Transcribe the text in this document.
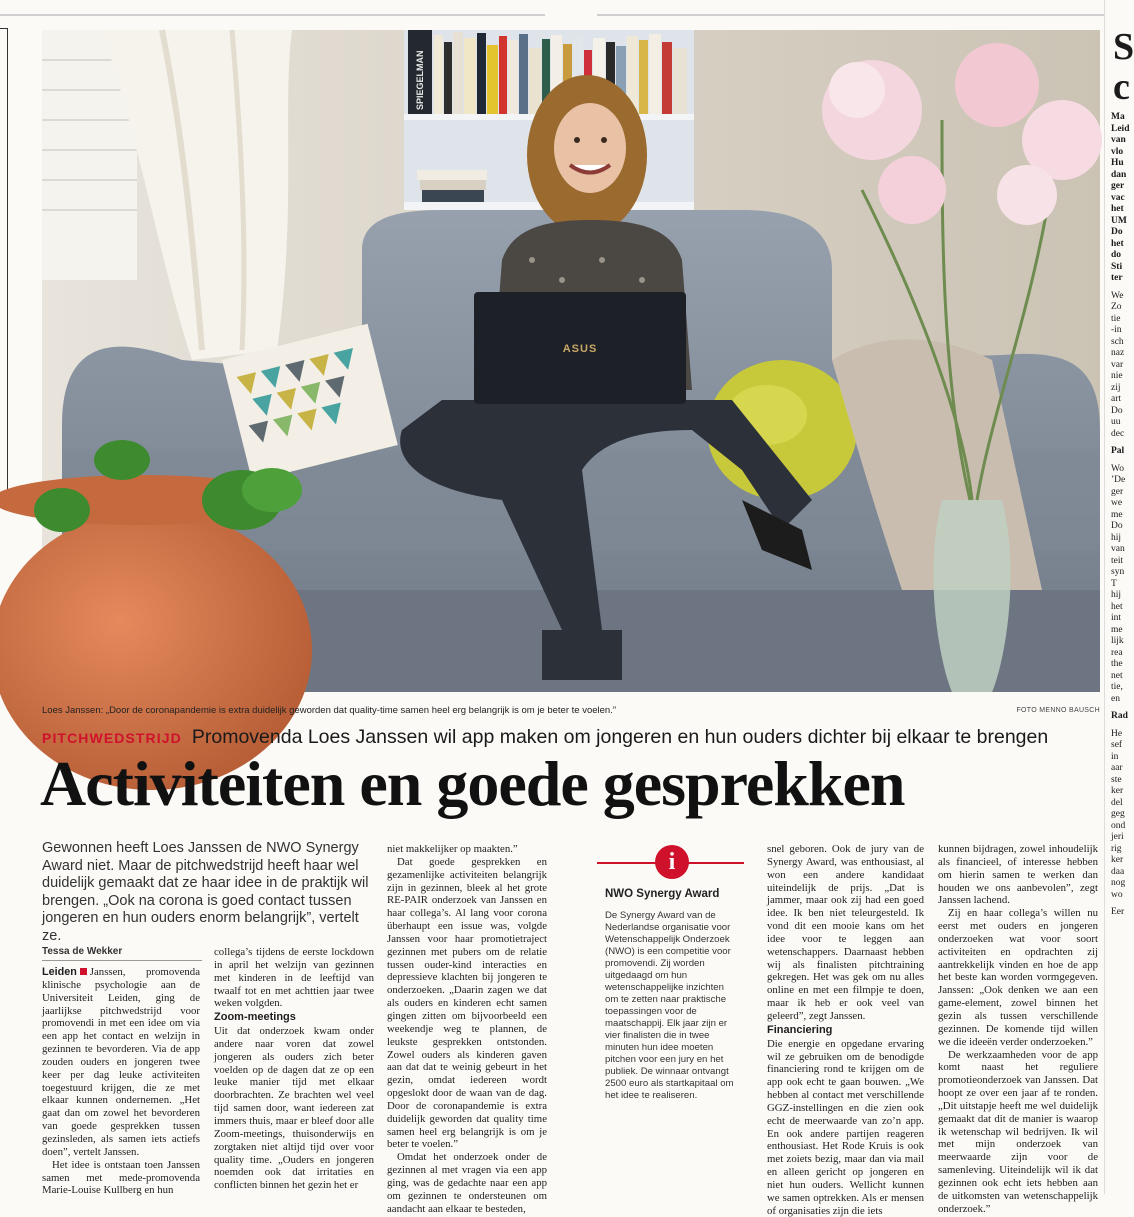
SPIEGELMAN
ASUS
Loes Janssen: „Door de coronapandemie is extra duidelijk geworden dat quality-time samen heel erg belangrijk is om je beter te voelen.”	FOTO MENNO BAUSCH
PITCHWEDSTRIJD Promovenda Loes Janssen wil app maken om jongeren en hun ouders dichter bij elkaar te brengen
Activiteiten en goede gesprekken
Gewonnen heeft Loes Janssen de NWO Synergy Award niet. Maar de pitchwedstrijd heeft haar wel duidelijk gemaakt dat ze haar idee in de praktijk wil brengen. „Ook na corona is goed contact tussen jongeren en hun ouders enorm belangrijk”, vertelt ze.
Tessa de Wekker

Leiden Janssen, promovenda klinische psychologie aan de Universiteit Leiden, ging de jaarlijkse pitchwedstrijd voor promovendi in met een idee om via een app het contact en welzijn in gezinnen te bevorderen. Via de app zouden ouders en jongeren twee keer per dag leuke activiteiten toegestuurd krijgen, die ze met elkaar kunnen ondernemen. „Het gaat dan om zowel het bevorderen van goede gesprekken tussen gezinsleden, als samen iets actiefs doen”, vertelt Janssen.

Het idee is ontstaan toen Janssen samen met mede-promovenda Marie-Louise Kullberg en hun

collega’s tijdens de eerste lockdown in april het welzijn van gezinnen met kinderen in de leeftijd van twaalf tot en met achttien jaar twee weken volgden.

Zoom-meetings

Uit dat onderzoek kwam onder andere naar voren dat zowel jongeren als ouders zich beter voelden op de dagen dat ze op een leuke manier tijd met elkaar doorbrachten. Ze brachten wel veel tijd samen door, want iedereen zat immers thuis, maar er bleef door alle Zoom-meetings, thuisonderwijs en zorgtaken niet altijd tijd over voor quality time. „Ouders en jongeren noemden ook dat irritaties en conflicten binnen het gezin het er

niet makkelijker op maakten.”

Dat goede gesprekken en gezamenlijke activiteiten belangrijk zijn in gezinnen, bleek al het grote RE-PAIR onderzoek van Janssen en haar collega’s. Al lang voor corona überhaupt een issue was, volgde Janssen voor haar promotietraject gezinnen met pubers om de relatie tussen ouder-kind interacties en depressieve klachten bij jongeren te onderzoeken. „Daarin zagen we dat als ouders en kinderen echt samen gingen zitten om bijvoorbeeld een weekendje weg te plannen, de leukste gesprekken ontstonden. Zowel ouders als kinderen gaven aan dat dat te weinig gebeurt in het gezin, omdat iedereen wordt opgeslokt door de waan van de dag. Door de coronapandemie is extra duidelijk geworden dat quality time samen heel erg belangrijk is om je beter te voelen.”

Omdat het onderzoek onder de gezinnen al met vragen via een app ging, was de gedachte naar een app om gezinnen te ondersteunen om aandacht aan elkaar te besteden,

i
NWO Synergy Award
De Synergy Award van de Nederlandse organisatie voor Wetenschappelijk Onderzoek (NWO) is een competitie voor promovendi. Zij worden uitgedaagd om hun wetenschappelijke inzichten om te zetten naar praktische toepassingen voor de maatschappij. Elk jaar zijn er vier finalisten die in twee minuten hun idee moeten pitchen voor een jury en het publiek. De winnaar ontvangt 2500 euro als startkapitaal om het idee te realiseren.

snel geboren. Ook de jury van de Synergy Award, was enthousiast, al won een andere kandidaat uiteindelijk de prijs. „Dat is jammer, maar ook zij had een goed idee. Ik ben niet teleurgesteld. Ik vond dit een mooie kans om het idee voor te leggen aan wetenschappers. Daarnaast hebben wij als finalisten pitchtraining gekregen. Het was gek om nu alles online en met een filmpje te doen, maar ik heb er ook veel van geleerd”, zegt Janssen.

Financiering

Die energie en opgedane ervaring wil ze gebruiken om de benodigde financiering rond te krijgen om de app ook echt te gaan bouwen. „We hebben al contact met verschillende GGZ-instellingen en die zien ook echt de meerwaarde van zo’n app. En ook andere partijen reageren enthousiast. Het Rode Kruis is ook met zoiets bezig, maar dan via mail en alleen gericht op jongeren en niet hun ouders. Wellicht kunnen we samen optrekken. Als er mensen of organisaties zijn die iets

kunnen bijdragen, zowel inhoudelijk als financieel, of interesse hebben om hierin samen te werken dan houden we ons aanbevolen”, zegt Janssen lachend.

Zij en haar collega’s willen nu eerst met ouders en jongeren onderzoeken wat voor soort activiteiten en opdrachten zij aantrekkelijk vinden en hoe de app het beste kan worden vormgegeven. Janssen: „Ook denken we aan een game-element, zowel binnen het gezin als tussen verschillende gezinnen. De komende tijd willen we die ideeën verder onderzoeken.”

De werkzaamheden voor de app komt naast het reguliere promotieonderzoek van Janssen. Dat hoopt ze over een jaar af te ronden. „Dit uitstapje heeft me wel duidelijk gemaakt dat dit de manier is waarop ik wetenschap wil bedrijven. Ik wil met mijn onderzoek van meerwaarde zijn voor de samenleving. Uiteindelijk wil ik dat gezinnen ook echt iets hebben aan de uitkomsten van wetenschappelijk onderzoek.”

S
c
Ma
Leid
van
vlo
Hu
dan
ger
vac
het
UM
Do
het
do
Sti
ter
We
Zo
tie
-in
sch
naz
var
nie
zij
art
Do
uu
dec
Pal
Wo
’De
ger
we
me
Do
hij
van
teit
syn
T
hij
het
int
me
lijk
rea
the
net
tie,
en
Rad
He
sef
in
aar
ste
ker
del
geg
ond
jeri
rig
ker
daa
nog
wo
Eer
